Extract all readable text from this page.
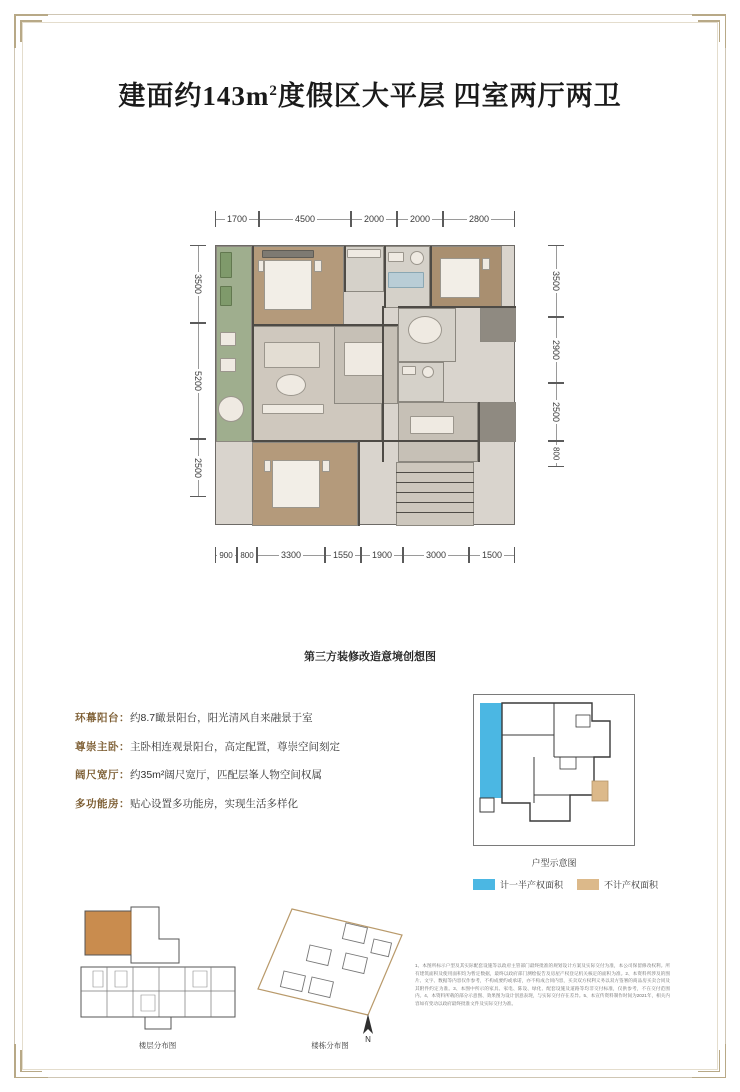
建面约$143m^2$度假区大平层 四室两厅两卫
1700	4500	2000	2000	2800
3500
5200
2500
3500
2900
2500
800
900 800	3300	1550 1900	3000	1500
第三方装修改造意境创想图
环幕阳台：约8.7瞰景阳台，阳光清风自来融景于室
尊崇主卧：主卧相连观景阳台，高定配置，尊崇空间刻定
阔尺宽厅：约35m²阔尺宽厅，匹配层峯人物空间权属
多功能房：贴心设置多功能房，实现生活多样化
户型示意图
计一半产权面积	不计产权面积
楼层分布图	楼栋分布图
N
1、本图所标示户型及其实际配套设施等以政府主管部门最终批准的规划设计方案及实际交付为准，本公司保留修改权利。所有建筑面积及使用面积均为暂定数据，最终以政府部门测绘报告及房屋产权登记机关核定的面积为准。2、本资料所涉及的图片、文字、数据等内容仅作参考，不构成要约或承诺，亦不构成合同内容，买卖双方权利义务以双方签署的商品房买卖合同及其附件约定为准。3、本图中所示的家具、家电、陈设、绿化、配套设施及道路等均非交付标准，仅供参考，不在交付范围内。4、本资料所载的部分示意图、效果图为设计创意表现，与实际交付存在差异。5、本宣传资料制作时间为2021年，相关内容如有变动以政府最终批准文件及实际交付为准。
